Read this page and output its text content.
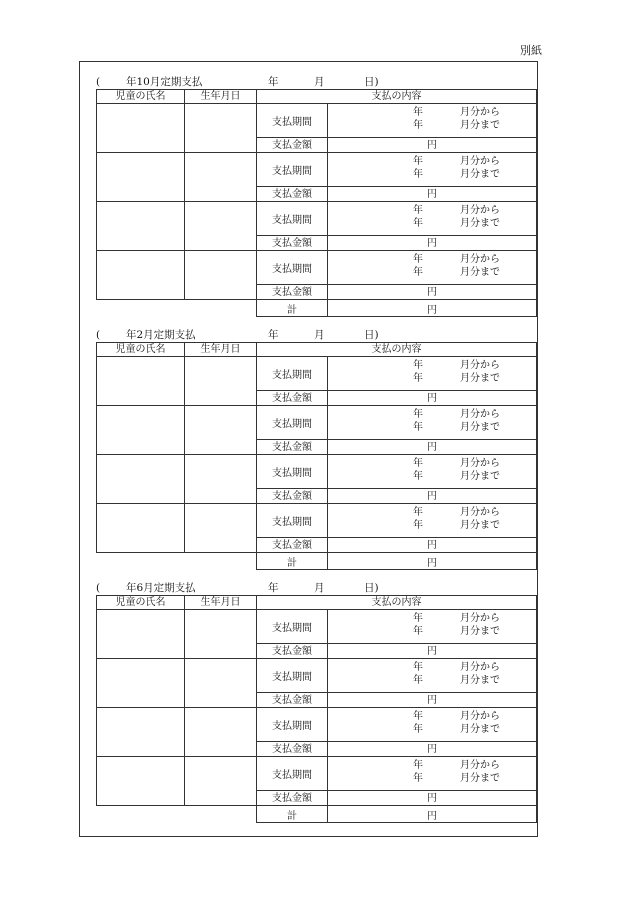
別紙
( 年10月定期支払	年	月	日)
児童の氏名	生年月日	支払の内容	
		支払期間	年 月分から
年 月分まで

		支払金額	円
		支払期間	年 月分から
年 月分まで

		支払金額	円
		支払期間	年 月分から
年 月分まで

		支払金額	円
		支払期間	年 月分から
年 月分まで

		支払金額	円
		計	円
( 年2月定期支払	年	月	日)
児童の氏名	生年月日	支払の内容	
		支払期間	年 月分から
年 月分まで

		支払金額	円
		支払期間	年 月分から
年 月分まで

		支払金額	円
		支払期間	年 月分から
年 月分まで

		支払金額	円
		支払期間	年 月分から
年 月分まで

		支払金額	円
		計	円
( 年6月定期支払	年	月	日)
児童の氏名	生年月日	支払の内容	
		支払期間	年 月分から
年 月分まで

		支払金額	円
		支払期間	年 月分から
年 月分まで

		支払金額	円
		支払期間	年 月分から
年 月分まで

		支払金額	円
		支払期間	年 月分から
年 月分まで

		支払金額	円
		計	円
